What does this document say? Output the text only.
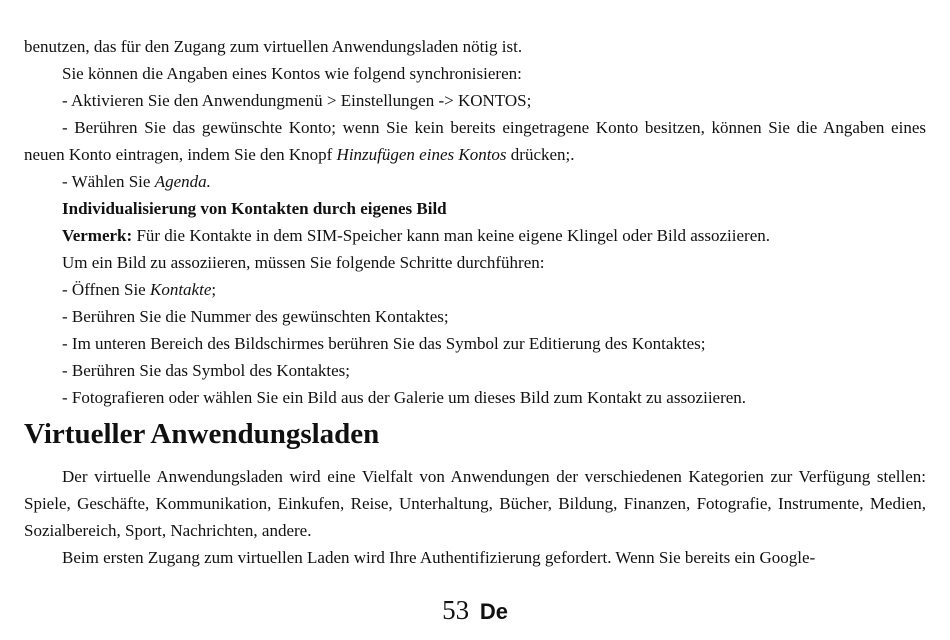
benutzen, das für den Zugang zum virtuellen Anwendungsladen nötig ist.

Sie können die Angaben eines Kontos wie folgend synchronisieren:

- Aktivieren Sie den Anwendungmenü > Einstellungen -> KONTOS;

- Berühren Sie das gewünschte Konto; wenn Sie kein bereits eingetragene Konto besitzen, können Sie die Angaben eines neuen Konto eintragen, indem Sie den Knopf Hinzufügen eines Kontos drücken;.

- Wählen Sie Agenda.

Individualisierung von Kontakten durch eigenes Bild

Vermerk: Für die Kontakte in dem SIM-Speicher kann man keine eigene Klingel oder Bild assoziieren.

Um ein Bild zu assoziieren, müssen Sie folgende Schritte durchführen:

- Öffnen Sie Kontakte;

- Berühren Sie die Nummer des gewünschten Kontaktes;

- Im unteren Bereich des Bildschirmes berühren Sie das Symbol zur Editierung des Kontaktes;

- Berühren Sie das Symbol des Kontaktes;

- Fotografieren oder wählen Sie ein Bild aus der Galerie um dieses Bild zum Kontakt zu assoziieren.

Virtueller Anwendungsladen

Der virtuelle Anwendungsladen wird eine Vielfalt von Anwendungen der verschiedenen Kategorien zur Verfügung stellen: Spiele, Geschäfte, Kommunikation, Einkufen, Reise, Unterhaltung, Bücher, Bildung, Finanzen, Fotografie, Instrumente, Medien, Sozialbereich, Sport, Nachrichten, andere.

Beim ersten Zugang zum virtuellen Laden wird Ihre Authentifizierung gefordert. Wenn Sie bereits ein Google-

53 De
